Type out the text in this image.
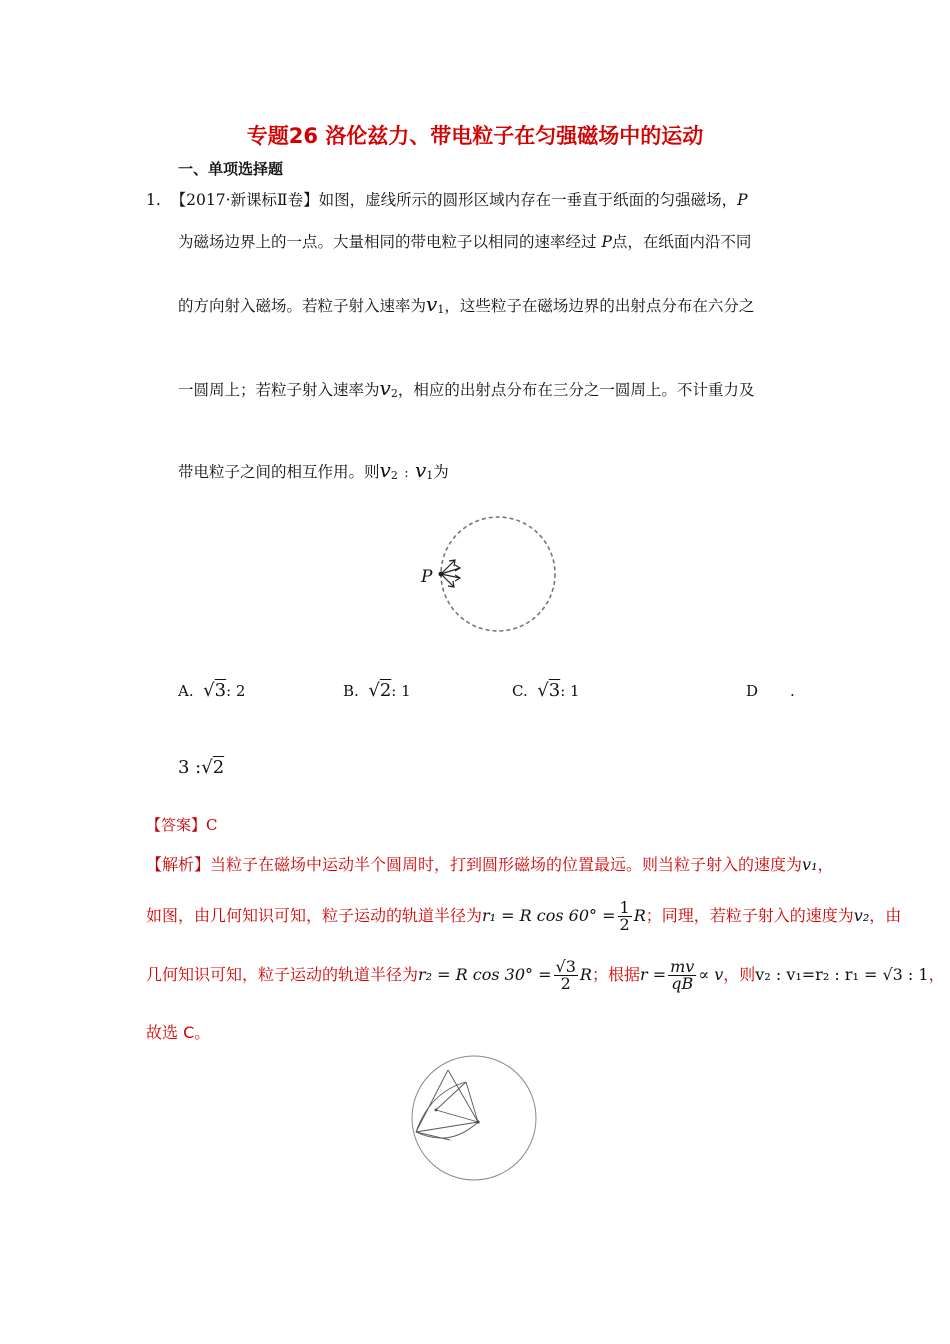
专题26 洛伦兹力、带电粒子在匀强磁场中的运动
一、单项选择题
1. 【2017·新课标Ⅱ卷】如图，虚线所示的圆形区域内存在一垂直于纸面的匀强磁场，P
为磁场边界上的一点。大量相同的带电粒子以相同的速率经过 P点，在纸面内沿不同
的方向射入磁场。若粒子射入速率为v1，这些粒子在磁场边界的出射点分布在六分之
一圆周上；若粒子射入速率为v2，相应的出射点分布在三分之一圆周上。不计重力及
带电粒子之间的相互作用。则v2 : v1为
P
A. √3: 2	B. √2: 1	C. √3: 1	D .
3 :√2
【答案】C
【解析】当粒子在磁场中运动半个圆周时，打到圆形磁场的位置最远。则当粒子射入的速度为v₁，
如图，由几何知识可知，粒子运动的轨道半径为r₁ = R $\cos 60^\circ = \frac{1}{2}$ R；同理，若粒子射入的速度为v₂，由
几何知识可知，粒子运动的轨道半径为r₂ = R $\cos 30^\circ = \frac{√3}{2}$ R；根据$r = \frac{mv}{qB} \propto v$，则v₂ : v₁=r₂ : r₁ = √3 : 1，
故选 C。
